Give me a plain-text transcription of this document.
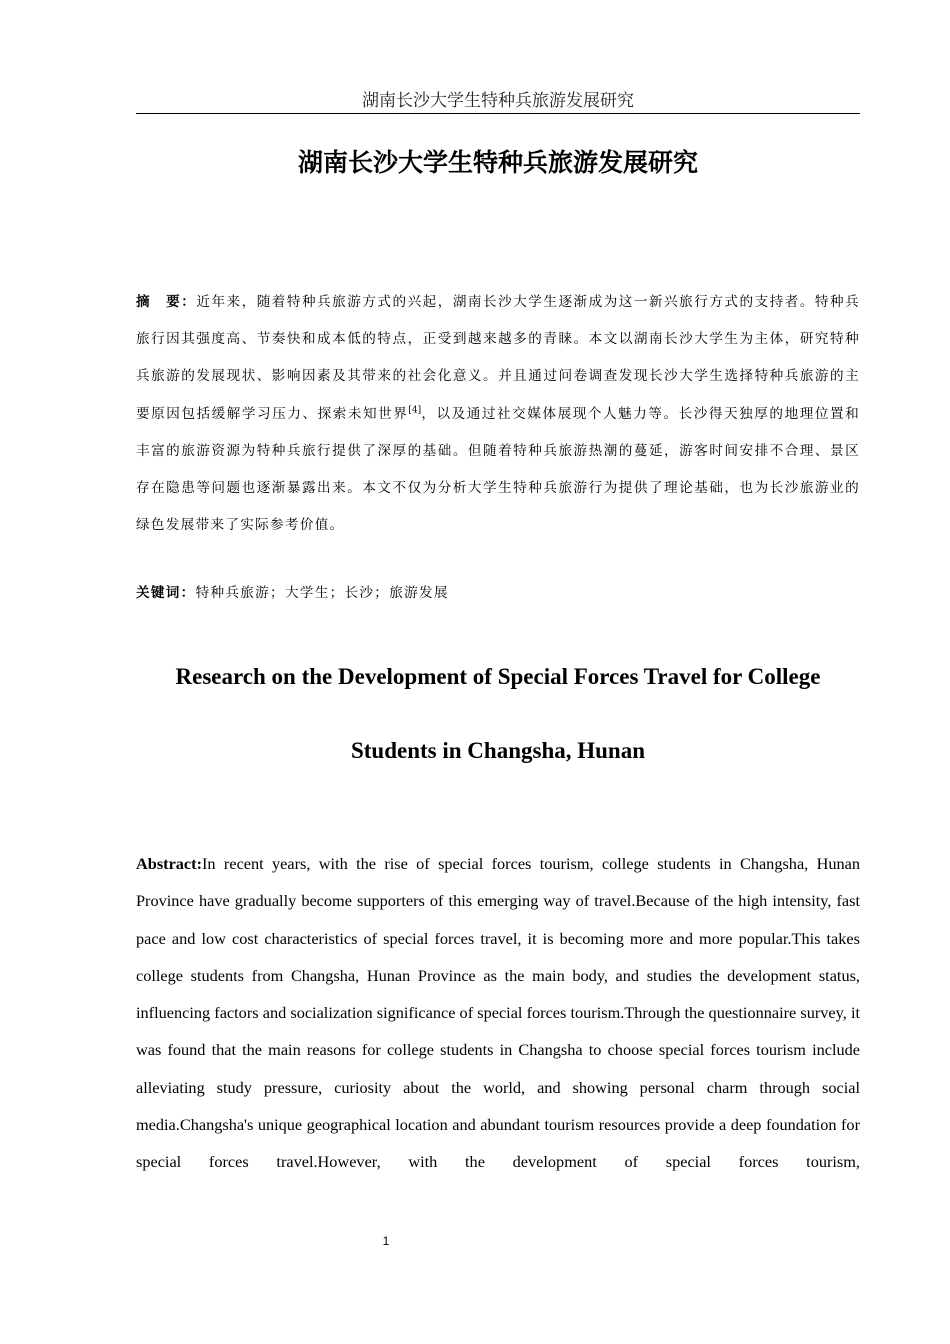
湖南长沙大学生特种兵旅游发展研究
湖南长沙大学生特种兵旅游发展研究
摘　要：近年来，随着特种兵旅游方式的兴起，湖南长沙大学生逐渐成为这一新兴旅行方式的支持者。特种兵旅行因其强度高、节奏快和成本低的特点，正受到越来越多的青睐。本文以湖南长沙大学生为主体，研究特种兵旅游的发展现状、影响因素及其带来的社会化意义。并且通过问卷调查发现长沙大学生选择特种兵旅游的主要原因包括缓解学习压力、探索未知世界[4]，以及通过社交媒体展现个人魅力等。长沙得天独厚的地理位置和丰富的旅游资源为特种兵旅行提供了深厚的基础。但随着特种兵旅游热潮的蔓延，游客时间安排不合理、景区存在隐患等问题也逐渐暴露出来。本文不仅为分析大学生特种兵旅游行为提供了理论基础，也为长沙旅游业的绿色发展带来了实际参考价值。
关键词：特种兵旅游；大学生；长沙；旅游发展
Research on the Development of Special Forces Travel for College
Students in Changsha, Hunan
Abstract:In recent years, with the rise of special forces tourism, college students in Changsha, Hunan Province have gradually become supporters of this emerging way of travel.Because of the high intensity, fast pace and low cost characteristics of special forces travel, it is becoming more and more popular.This takes college students from Changsha, Hunan Province as the main body, and studies the development status, influencing factors and socialization significance of special forces tourism.Through the questionnaire survey, it was found that the main reasons for college students in Changsha to choose special forces tourism include alleviating study pressure, curiosity about the world, and showing personal charm through social media.Changsha's unique geographical location and abundant tourism resources provide a deep foundation for special forces travel.However, with the development of special forces tourism,
1
